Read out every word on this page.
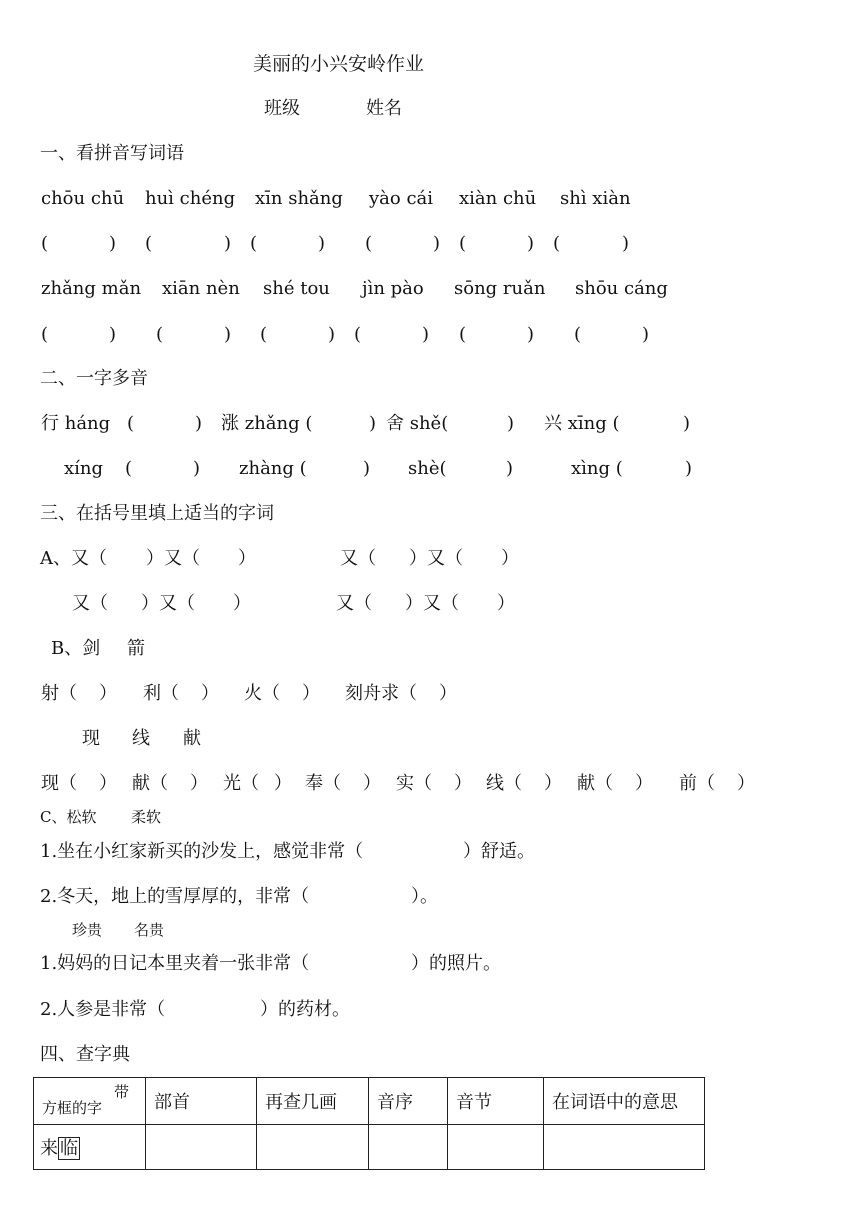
美丽的小兴安岭作业
班级	姓名
一、看拼音写词语
chōu chū huì chéng xīn shǎng yào cái xiàn chū shì xiàn
(	) (	) (	) (	) (	) (	)
zhǎng mǎn xiān nèn shé tou jìn pào sōng ruǎn shōu cáng
(	) (	) (	) (	) (	) (	)
二、一字多音
行 háng (	) 涨 zhǎng (	) 舍 shě(	) 兴 xīng (	)
xíng (	) zhàng (	) shè(	)	xìng (	)
三、在括号里填上适当的字词
A、又（ ）又（ ）	又（ ）又（ ）
又（ ）又（ ）	又（ ）又（ ）
B、剑 箭
射（ ） 利（ ） 火（ ） 刻舟求（ ）
现 线 献
现（ ） 献（ ） 光（ ） 奉（ ） 实（ ） 线（ ） 献（ ） 前（ ）
C、松软 柔软
1.坐在小红家新买的沙发上，感觉非常（	）舒适。
2.冬天，地上的雪厚厚的，非常（	）。
珍贵 名贵
1.妈妈的日记本里夹着一张非常（	）的照片。
2.人参是非常（	）的药材。
四、查字典
带
方框的字	部首	再查几画	音序	音节	在词语中的意思
来 临					
